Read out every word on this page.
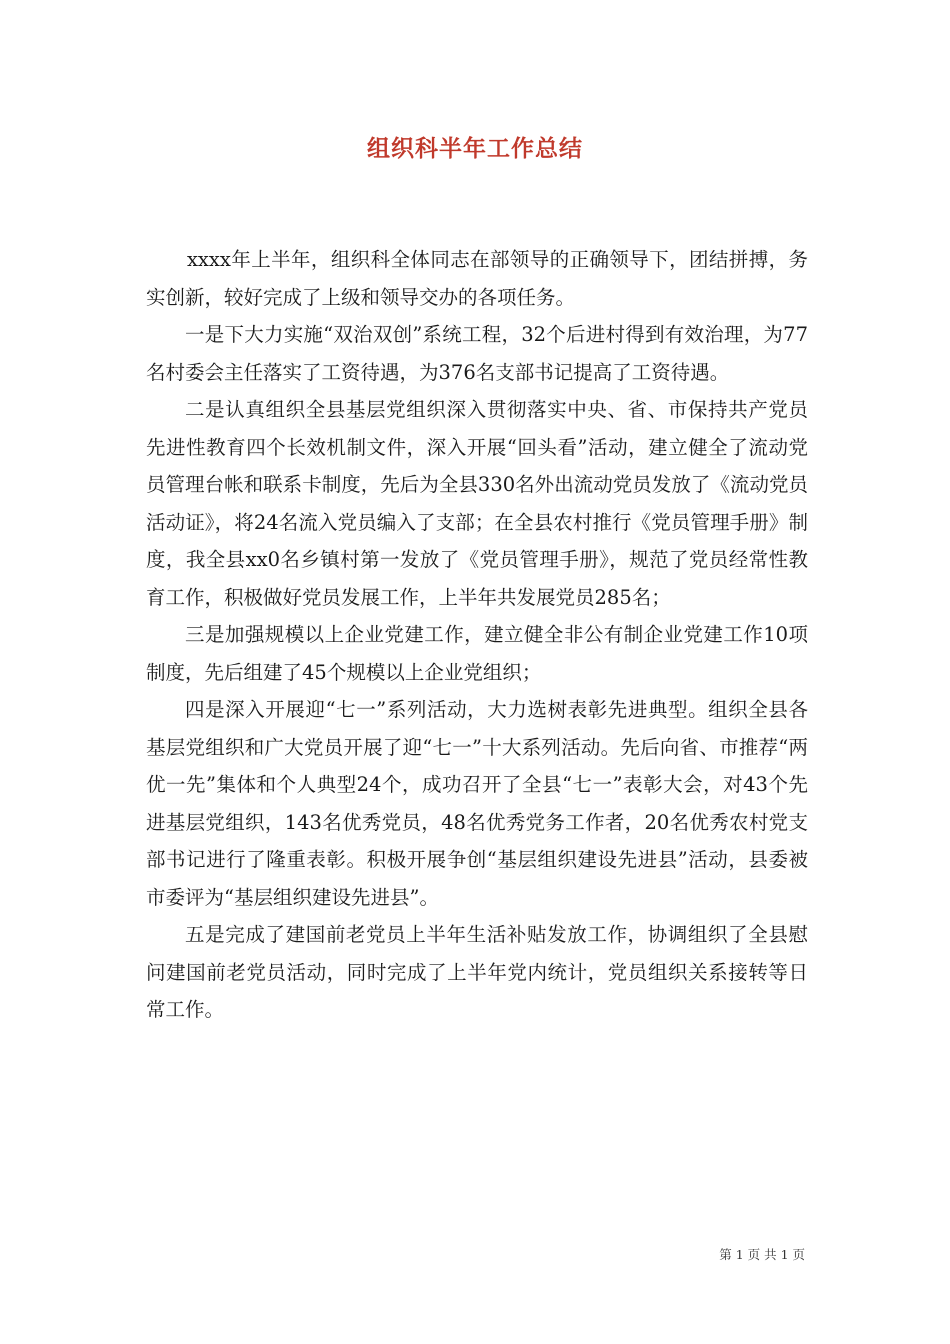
组织科半年工作总结

xxxx年上半年，组织科全体同志在部领导的正确领导下，团结拼搏，务实创新，较好完成了上级和领导交办的各项任务。

一是下大力实施“双治双创”系统工程，32个后进村得到有效治理，为77名村委会主任落实了工资待遇，为376名支部书记提高了工资待遇。

二是认真组织全县基层党组织深入贯彻落实中央、省、市保持共产党员先进性教育四个长效机制文件，深入开展“回头看”活动，建立健全了流动党员管理台帐和联系卡制度，先后为全县330名外出流动党员发放了《流动党员活动证》，将24名流入党员编入了支部；在全县农村推行《党员管理手册》制度，我全县xx0名乡镇村第一发放了《党员管理手册》，规范了党员经常性教育工作，积极做好党员发展工作，上半年共发展党员285名；

三是加强规模以上企业党建工作，建立健全非公有制企业党建工作10项制度，先后组建了45个规模以上企业党组织；

四是深入开展迎“七一”系列活动，大力选树表彰先进典型。组织全县各基层党组织和广大党员开展了迎“七一”十大系列活动。先后向省、市推荐“两优一先”集体和个人典型24个，成功召开了全县“七一”表彰大会，对43个先进基层党组织，143名优秀党员，48名优秀党务工作者，20名优秀农村党支部书记进行了隆重表彰。积极开展争创“基层组织建设先进县”活动，县委被市委评为“基层组织建设先进县”。

五是完成了建国前老党员上半年生活补贴发放工作，协调组织了全县慰问建国前老党员活动，同时完成了上半年党内统计，党员组织关系接转等日常工作。

第 1 页 共 1 页
